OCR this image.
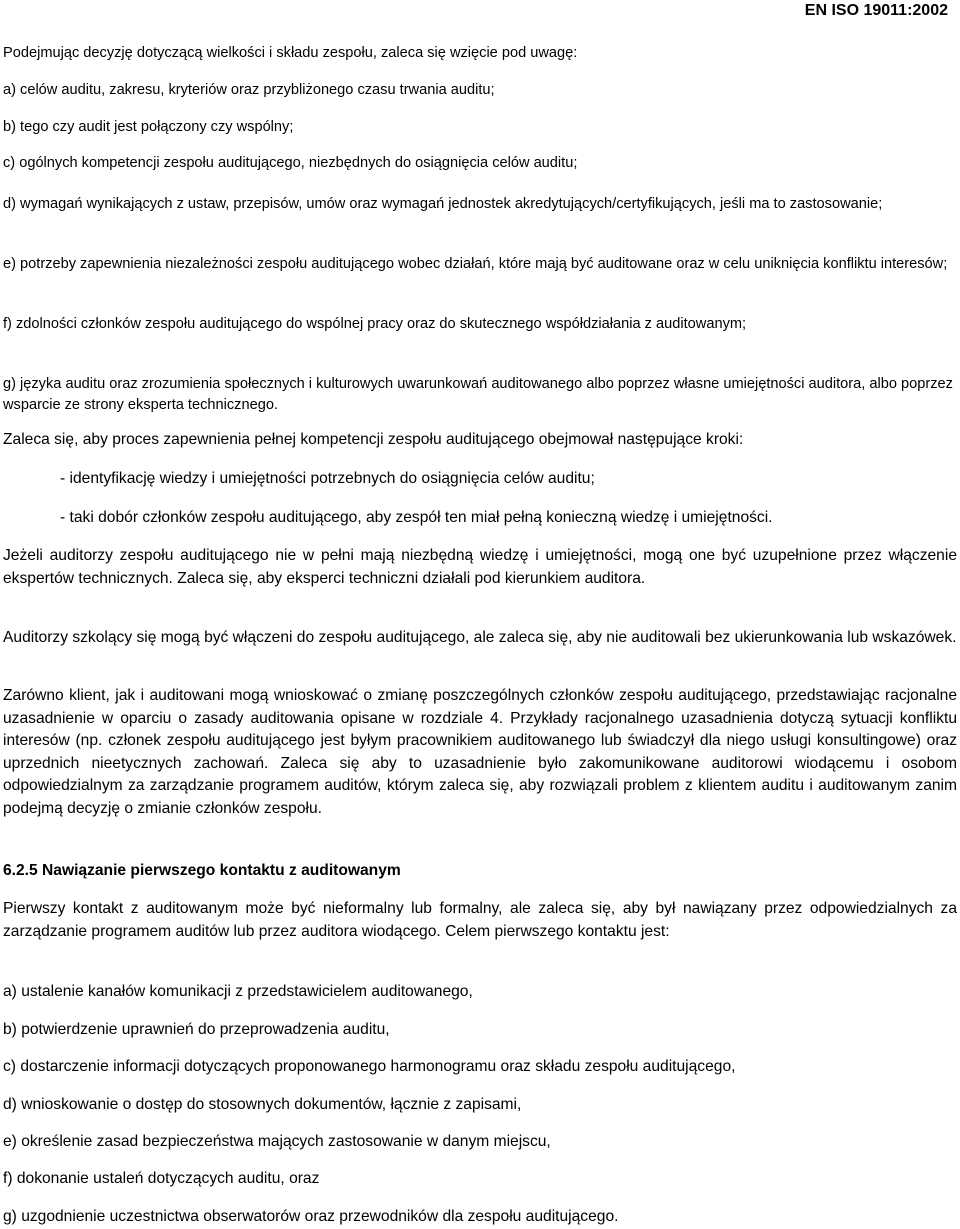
EN ISO 19011:2002

Podejmując decyzję dotyczącą wielkości i składu zespołu, zaleca się wzięcie pod uwagę:

a) celów auditu, zakresu, kryteriów oraz przybliżonego czasu trwania auditu;

b) tego czy audit jest połączony czy wspólny;

c) ogólnych kompetencji zespołu auditującego, niezbędnych do osiągnięcia celów auditu;

d) wymagań wynikających z ustaw, przepisów, umów oraz wymagań jednostek akredytujących/certyfikujących, jeśli ma to zastosowanie;

e) potrzeby zapewnienia niezależności zespołu auditującego wobec działań, które mają być auditowane oraz w celu uniknięcia konfliktu interesów;

f) zdolności członków zespołu auditującego do wspólnej pracy oraz do skutecznego współdziałania z auditowanym;

g) języka auditu oraz zrozumienia społecznych i kulturowych uwarunkowań auditowanego albo poprzez własne umiejętności auditora, albo poprzez wsparcie ze strony eksperta technicznego.

Zaleca się, aby proces zapewnienia pełnej kompetencji zespołu auditującego obejmował następujące kroki:

- identyfikację wiedzy i umiejętności potrzebnych do osiągnięcia celów auditu;

- taki dobór członków zespołu auditującego, aby zespół ten miał pełną konieczną wiedzę i umiejętności.

Jeżeli auditorzy zespołu auditującego nie w pełni mają niezbędną wiedzę i umiejętności, mogą one być uzupełnione przez włączenie ekspertów technicznych. Zaleca się, aby eksperci techniczni działali pod kierunkiem auditora.

Auditorzy szkolący się mogą być włączeni do zespołu auditującego, ale zaleca się, aby nie auditowali bez ukierunkowania lub wskazówek.

Zarówno klient, jak i auditowani mogą wnioskować o zmianę poszczególnych członków zespołu auditującego, przedstawiając racjonalne uzasadnienie w oparciu o zasady auditowania opisane w rozdziale 4. Przykłady racjonalnego uzasadnienia dotyczą sytuacji konfliktu interesów (np. członek zespołu auditującego jest byłym pracownikiem auditowanego lub świadczył dla niego usługi konsultingowe) oraz uprzednich nieetycznych zachowań. Zaleca się aby to uzasadnienie było zakomunikowane auditorowi wiodącemu i osobom odpowiedzialnym za zarządzanie programem auditów, którym zaleca się, aby rozwiązali problem z klientem auditu i auditowanym zanim podejmą decyzję o zmianie członków zespołu.

6.2.5 Nawiązanie pierwszego kontaktu z auditowanym

Pierwszy kontakt z auditowanym może być nieformalny lub formalny, ale zaleca się, aby był nawiązany przez odpowiedzialnych za zarządzanie programem auditów lub przez auditora wiodącego. Celem pierwszego kontaktu jest:

a) ustalenie kanałów komunikacji z przedstawicielem auditowanego,

b) potwierdzenie uprawnień do przeprowadzenia auditu,

c) dostarczenie informacji dotyczących proponowanego harmonogramu oraz składu zespołu auditującego,

d) wnioskowanie o dostęp do stosownych dokumentów, łącznie z zapisami,

e) określenie zasad bezpieczeństwa mających zastosowanie w danym miejscu,

f) dokonanie ustaleń dotyczących auditu, oraz

g) uzgodnienie uczestnictwa obserwatorów oraz przewodników dla zespołu auditującego.
